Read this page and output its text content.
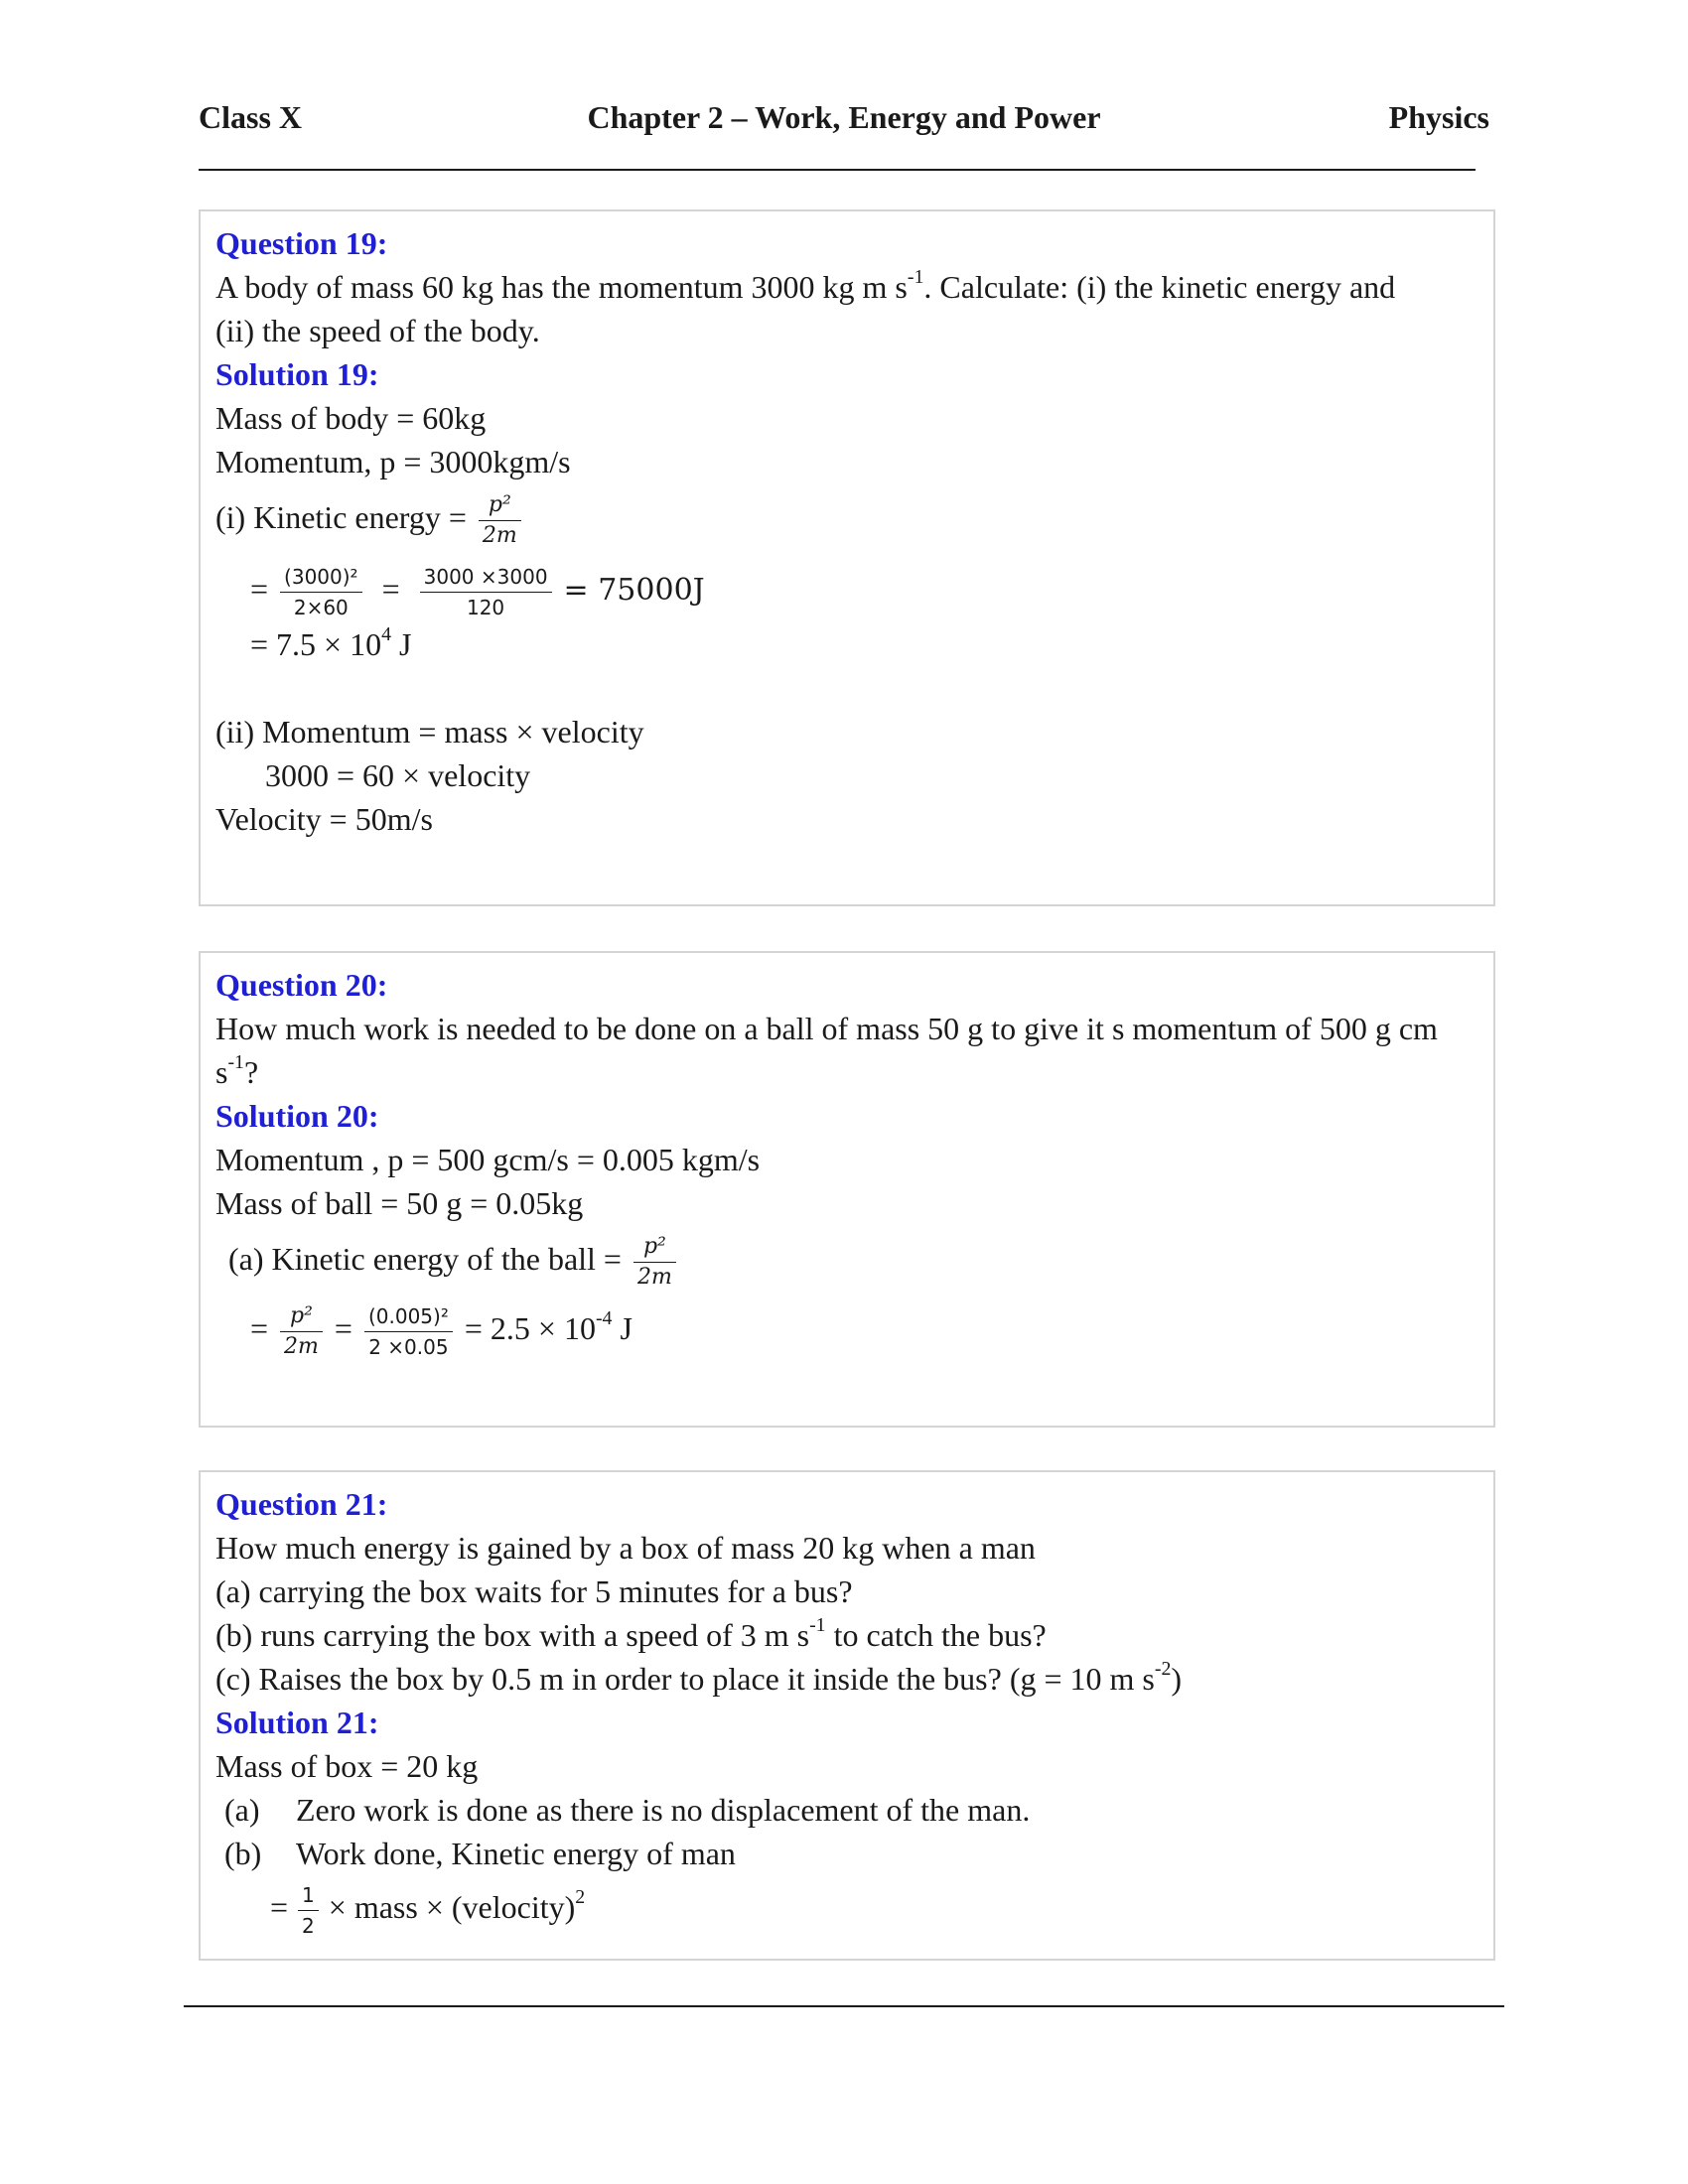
Class X	Chapter 2 – Work, Energy and Power	Physics
Question 19:
A body of mass 60 kg has the momentum 3000 kg m $s^{-1}$. Calculate: (i) the kinetic energy and
(ii) the speed of the body.
Solution 19:
Mass of body = 60kg
Momentum, p = 3000kgm/s
(i) Kinetic energy = $\frac{\text{p²}}{2m}$
= $\frac{\text{(3000)²}}{2\times 60} = \frac{3000 \times 3000}{120} = 75000J$
= $7.5 \times 10^4$ J
(ii) Momentum = mass × velocity
3000 = 60 × velocity
Velocity = 50m/s
Question 20:
How much work is needed to be done on a ball of mass 50 g to give it s momentum of 500 g cm
$s^{-1}$?
Solution 20:
Momentum , p = 500 gcm/s = 0.005 kgm/s
Mass of ball = 50 g = 0.05kg
(a) Kinetic energy of the ball = $\frac{\text{p²}}{2m}$
= $\frac{\text{p²}}{2m} = \frac{\text{(0.005)²}}{2 \times 0.05} = 2.5 \times 10^{-4}$ J
Question 21:
How much energy is gained by a box of mass 20 kg when a man
(a) carrying the box waits for 5 minutes for a bus?
(b) runs carrying the box with a speed of 3 m $s^{-1}$ to catch the bus?
(c) Raises the box by 0.5 m in order to place it inside the bus? (g = 10 m $s^{-2}$)
Solution 21:
Mass of box = 20 kg
(a) Zero work is done as there is no displacement of the man.
(b) Work done, Kinetic energy of man
= $\frac{1}{2}$ × mass × (velocity)$^2$
